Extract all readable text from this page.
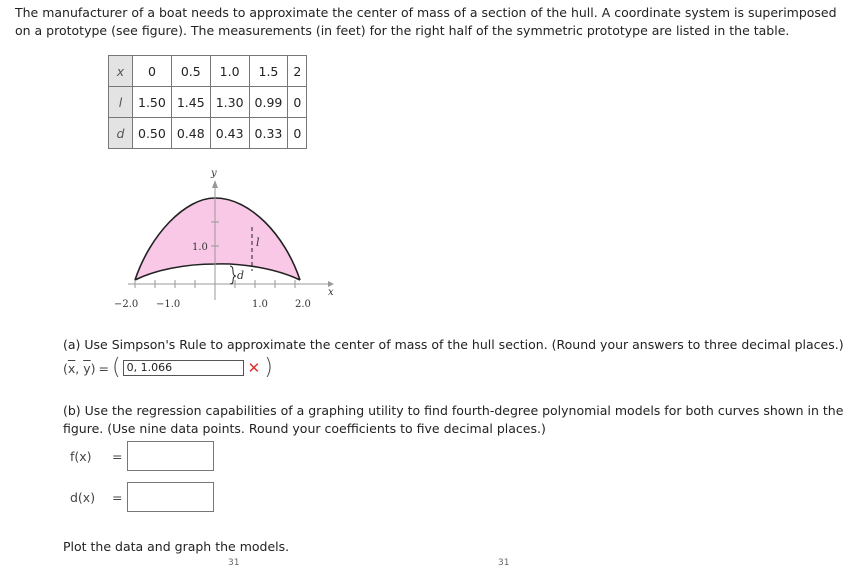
The manufacturer of a boat needs to approximate the center of mass of a section of the hull. A coordinate system is superimposed on a prototype (see figure). The measurements (in feet) for the right half of the symmetric prototype are listed in the table.
x	0	0.5	1.0	1.5	2
l	1.50	1.45	1.30	0.99	0
d	0.50	0.48	0.43	0.33	0
y
x
1.0	l
d
−2.0 −1.0	1.0	2.0
(a) Use Simpson's Rule to approximate the center of mass of the hull section. (Round your answers to three decimal places.)
($\overline{x}$, $\overline{y}$) = ( 0, 1.066	✕ )
(b) Use the regression capabilities of a graphing utility to find fourth-degree polynomial models for both curves shown in the figure. (Use nine data points. Round your coefficients to five decimal places.)
f(x)	=
d(x)	=
Plot the data and graph the models.
31	31
